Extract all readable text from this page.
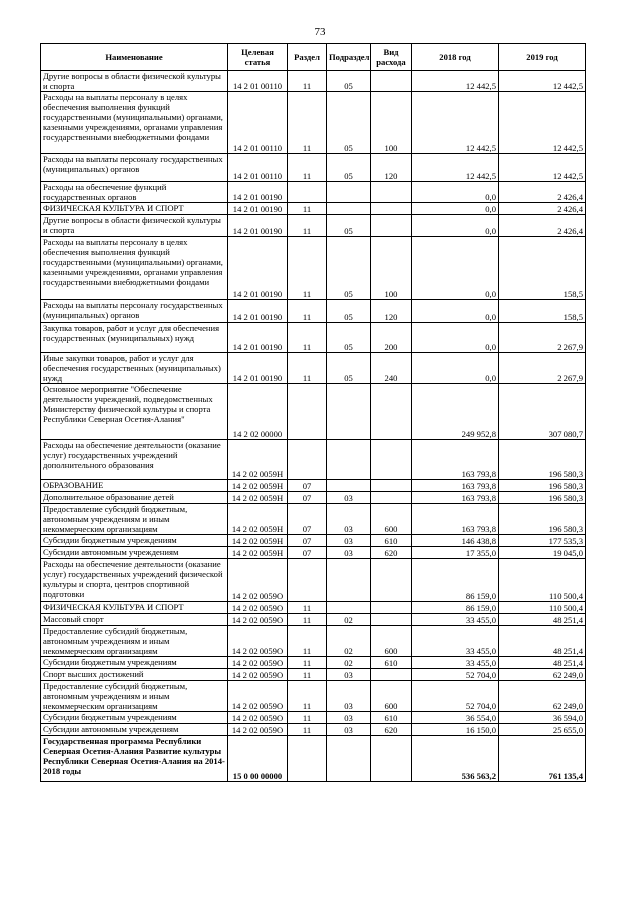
73
Наименование	Целевая статья	Раздел	Подраздел	Вид расхода	2018 год	2019 год
Другие вопросы в области физической культуры и спорта	14 2 01 00110	11	05		12 442,5	12 442,5
Расходы на выплаты персоналу в целях обеспечения выполнения функций государственными (муниципальными) органами, казенными учреждениями, органами управления государственными внебюджетными фондами	14 2 01 00110	11	05	100	12 442,5	12 442,5
Расходы на выплаты персоналу государственных (муниципальных) органов	14 2 01 00110	11	05	120	12 442,5	12 442,5
Расходы на обеспечение функций государственных органов	14 2 01 00190				0,0	2 426,4
ФИЗИЧЕСКАЯ КУЛЬТУРА И СПОРТ	14 2 01 00190	11			0,0	2 426,4
Другие вопросы в области физической культуры и спорта	14 2 01 00190	11	05		0,0	2 426,4
Расходы на выплаты персоналу в целях обеспечения выполнения функций государственными (муниципальными) органами, казенными учреждениями, органами управления государственными внебюджетными фондами	14 2 01 00190	11	05	100	0,0	158,5
Расходы на выплаты персоналу государственных (муниципальных) органов	14 2 01 00190	11	05	120	0,0	158,5
Закупка товаров, работ и услуг для обеспечения государственных (муниципальных) нужд	14 2 01 00190	11	05	200	0,0	2 267,9
Иные закупки товаров, работ и услуг для обеспечения государственных (муниципальных) нужд	14 2 01 00190	11	05	240	0,0	2 267,9
Основное мероприятие "Обеспечение деятельности учреждений, подведомственных Министерству физической культуры и спорта Республики Северная Осетия-Алания"	14 2 02 00000				249 952,8	307 080,7
Расходы на обеспечение деятельности (оказание услуг) государственных учреждений дополнительного образования	14 2 02 0059Н				163 793,8	196 580,3
ОБРАЗОВАНИЕ	14 2 02 0059Н	07			163 793,8	196 580,3
Дополнительное образование детей	14 2 02 0059Н	07	03		163 793,8	196 580,3
Предоставление субсидий бюджетным, автономным учреждениям и иным некоммерческим организациям	14 2 02 0059Н	07	03	600	163 793,8	196 580,3
Субсидии бюджетным учреждениям	14 2 02 0059Н	07	03	610	146 438,8	177 535,3
Субсидии автономным учреждениям	14 2 02 0059Н	07	03	620	17 355,0	19 045,0
Расходы на обеспечение деятельности (оказание услуг) государственных учреждений физической культуры и спорта, центров спортивной подготовки	14 2 02 0059О				86 159,0	110 500,4
ФИЗИЧЕСКАЯ КУЛЬТУРА И СПОРТ	14 2 02 0059О	11			86 159,0	110 500,4
Массовый спорт	14 2 02 0059О	11	02		33 455,0	48 251,4
Предоставление субсидий бюджетным, автономным учреждениям и иным некоммерческим организациям	14 2 02 0059О	11	02	600	33 455,0	48 251,4
Субсидии бюджетным учреждениям	14 2 02 0059О	11	02	610	33 455,0	48 251,4
Спорт высших достижений	14 2 02 0059О	11	03		52 704,0	62 249,0
Предоставление субсидий бюджетным, автономным учреждениям и иным некоммерческим организациям	14 2 02 0059О	11	03	600	52 704,0	62 249,0
Субсидии бюджетным учреждениям	14 2 02 0059О	11	03	610	36 554,0	36 594,0
Субсидии автономным учреждениям	14 2 02 0059О	11	03	620	16 150,0	25 655,0
Государственная программа Республики Северная Осетия-Алания Развитие культуры Республики Северная Осетия-Алания на 2014-2018 годы	15 0 00 00000				536 563,2	761 135,4
